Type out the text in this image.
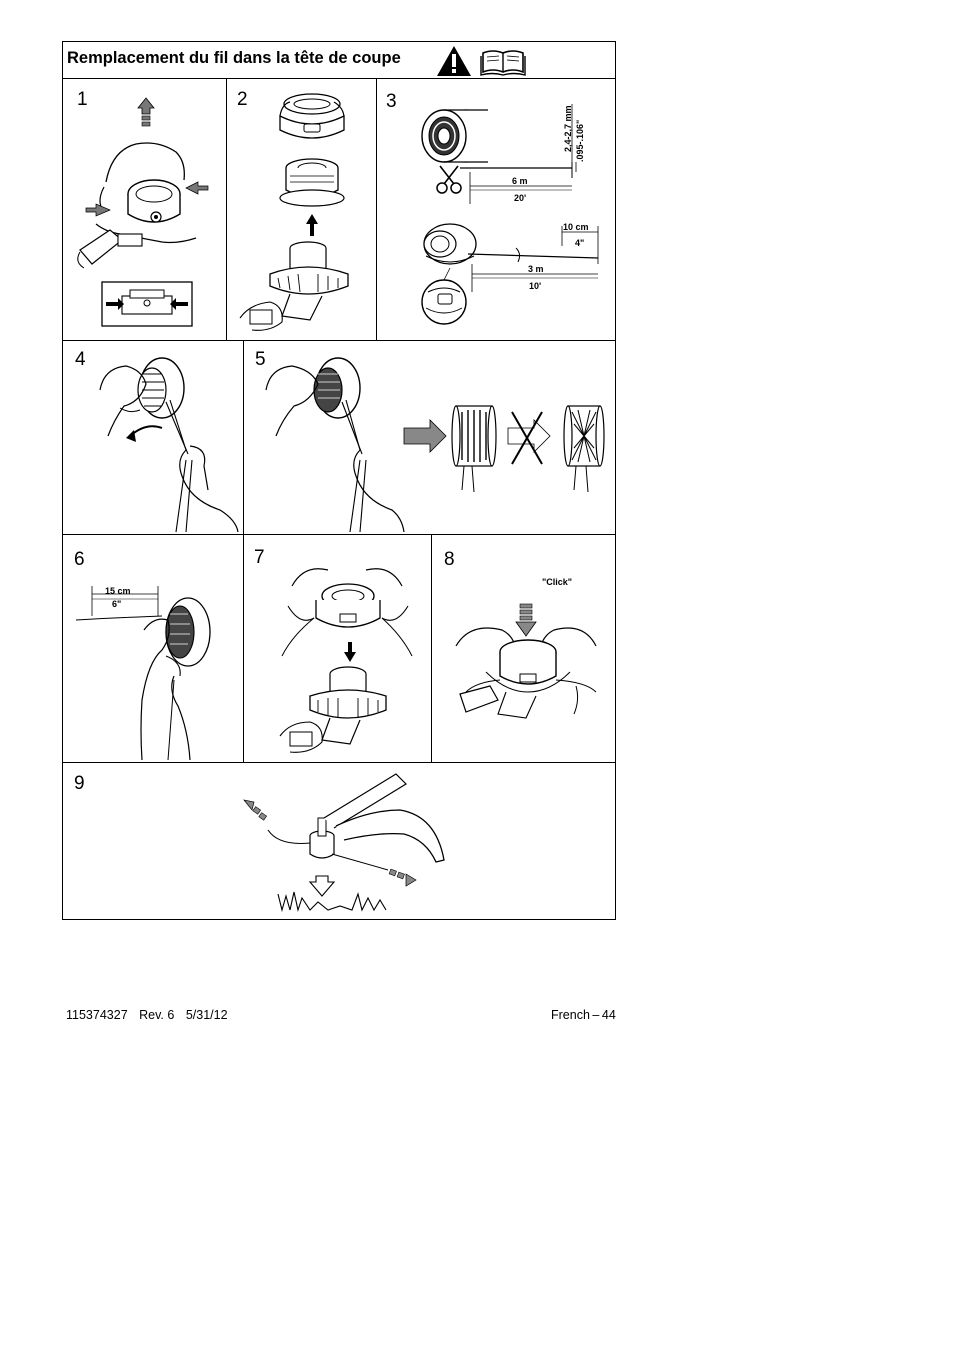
Remplacement du fil dans la tête de coupe
1	2	3
4	5
6	7	8
9
2,4-2,7 mm .095-.106"
6 m
20'
10 cm
4"
3 m
10'
15 cm
6"
"Click"
115374327 Rev. 6 5/31/12	French – 44
